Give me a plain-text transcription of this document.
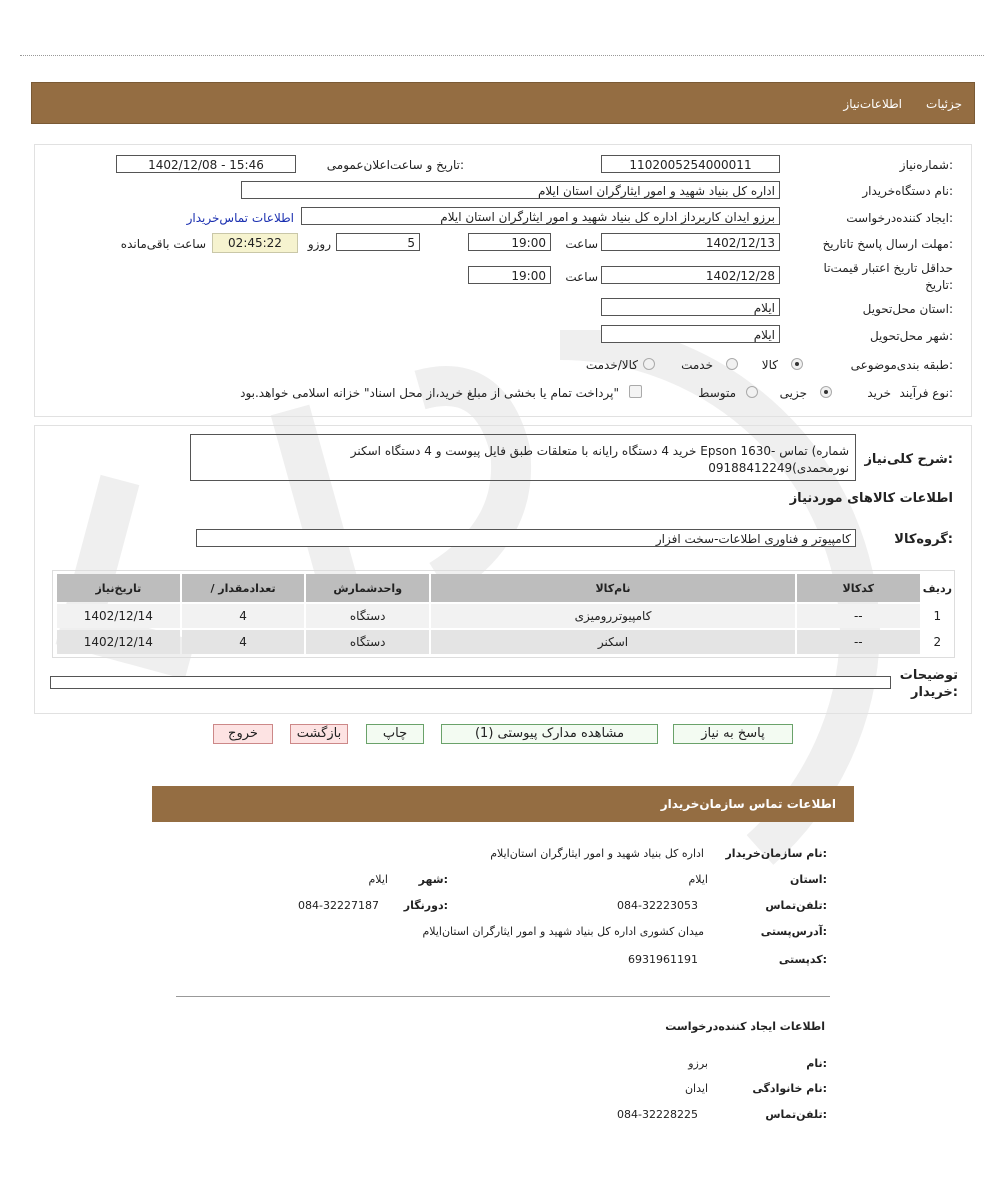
جزئيات
اطلاعات‌نیاز
شماره‌نیاز:
1102005254000011
تاریخ و ساعت‌اعلان‌عمومی:
1402/12/08 - 15:46
نام دستگاه‌خریدار:
اداره کل بنیاد شهید و امور ایثارگران استان ایلام
ایجاد کننده‌درخواست:
برزو ایدان کاربرداز اداره کل بنیاد شهید و امور ایثارگران استان ایلام
اطلاعات تماس‌خریدار
مهلت ارسال پاسخ تا‌تاریخ:
1402/12/13
ساعت
19:00
5
روزو
02:45:22
ساعت باقی‌مانده
حداقل تاریخ اعتبار قیمت‌تا‌
تاریخ:
1402/12/28
ساعت
19:00
استان محل‌تحویل:
ایلام
شهر محل‌تحویل:
ایلام
طبقه بندی‌موضوعی:
کالا
خدمت
کالا/خدمت
نوع فرآیند:
خرید
جزیی
متوسط
پرداخت تمام یا بخشی از مبلغ خرید،از محل اسناد" خزانه اسلامی خواهد.بود"
شرح کلی‌نیاز:
خرید 4 دستگاه رایانه با متعلقات طبق فایل پیوست و 4 دستگاه اسکنر Epson 1630- شماره) تماس
09188412249(نورمحمدی
اطلاعات کالاهای مورد‌نیاز
گروه‌کالا:
کامپیوتر و فناوری اطلاعات-سخت افزار
ردیف	کدکالا	نام‌کالا	واحد‌شمارش	تعداد‌مقدار /	تاریخ‌نیاز
1	--	کامپیوتررومیزی	دستگاه	4	1402/12/14
2	--	اسکنر	دستگاه	4	1402/12/14
توضیحات
خریدار:
پاسخ به نیاز
مشاهده مدارک پیوستی (1)
چاپ
بازگشت
خروج
اطلاعات تماس سازمان‌خریدار
نام سازمان‌خریدار:
اداره کل بنیاد شهید و امور ایثارگران استان‌ایلام
استان:
ایلام
شهر:
ایلام
تلفن‌تماس:
084-32223053
دورنگار:
084-32227187
آدرس‌پستی:
میدان کشوری اداره کل بنیاد شهید و امور ایثارگران استان‌ایلام
کد‌پستی:
6931961191
اطلاعات ایجاد کننده‌درخواست
نام:
برزو
نام خانوادگی:
ایدان
تلفن‌تماس:
084-32228225
